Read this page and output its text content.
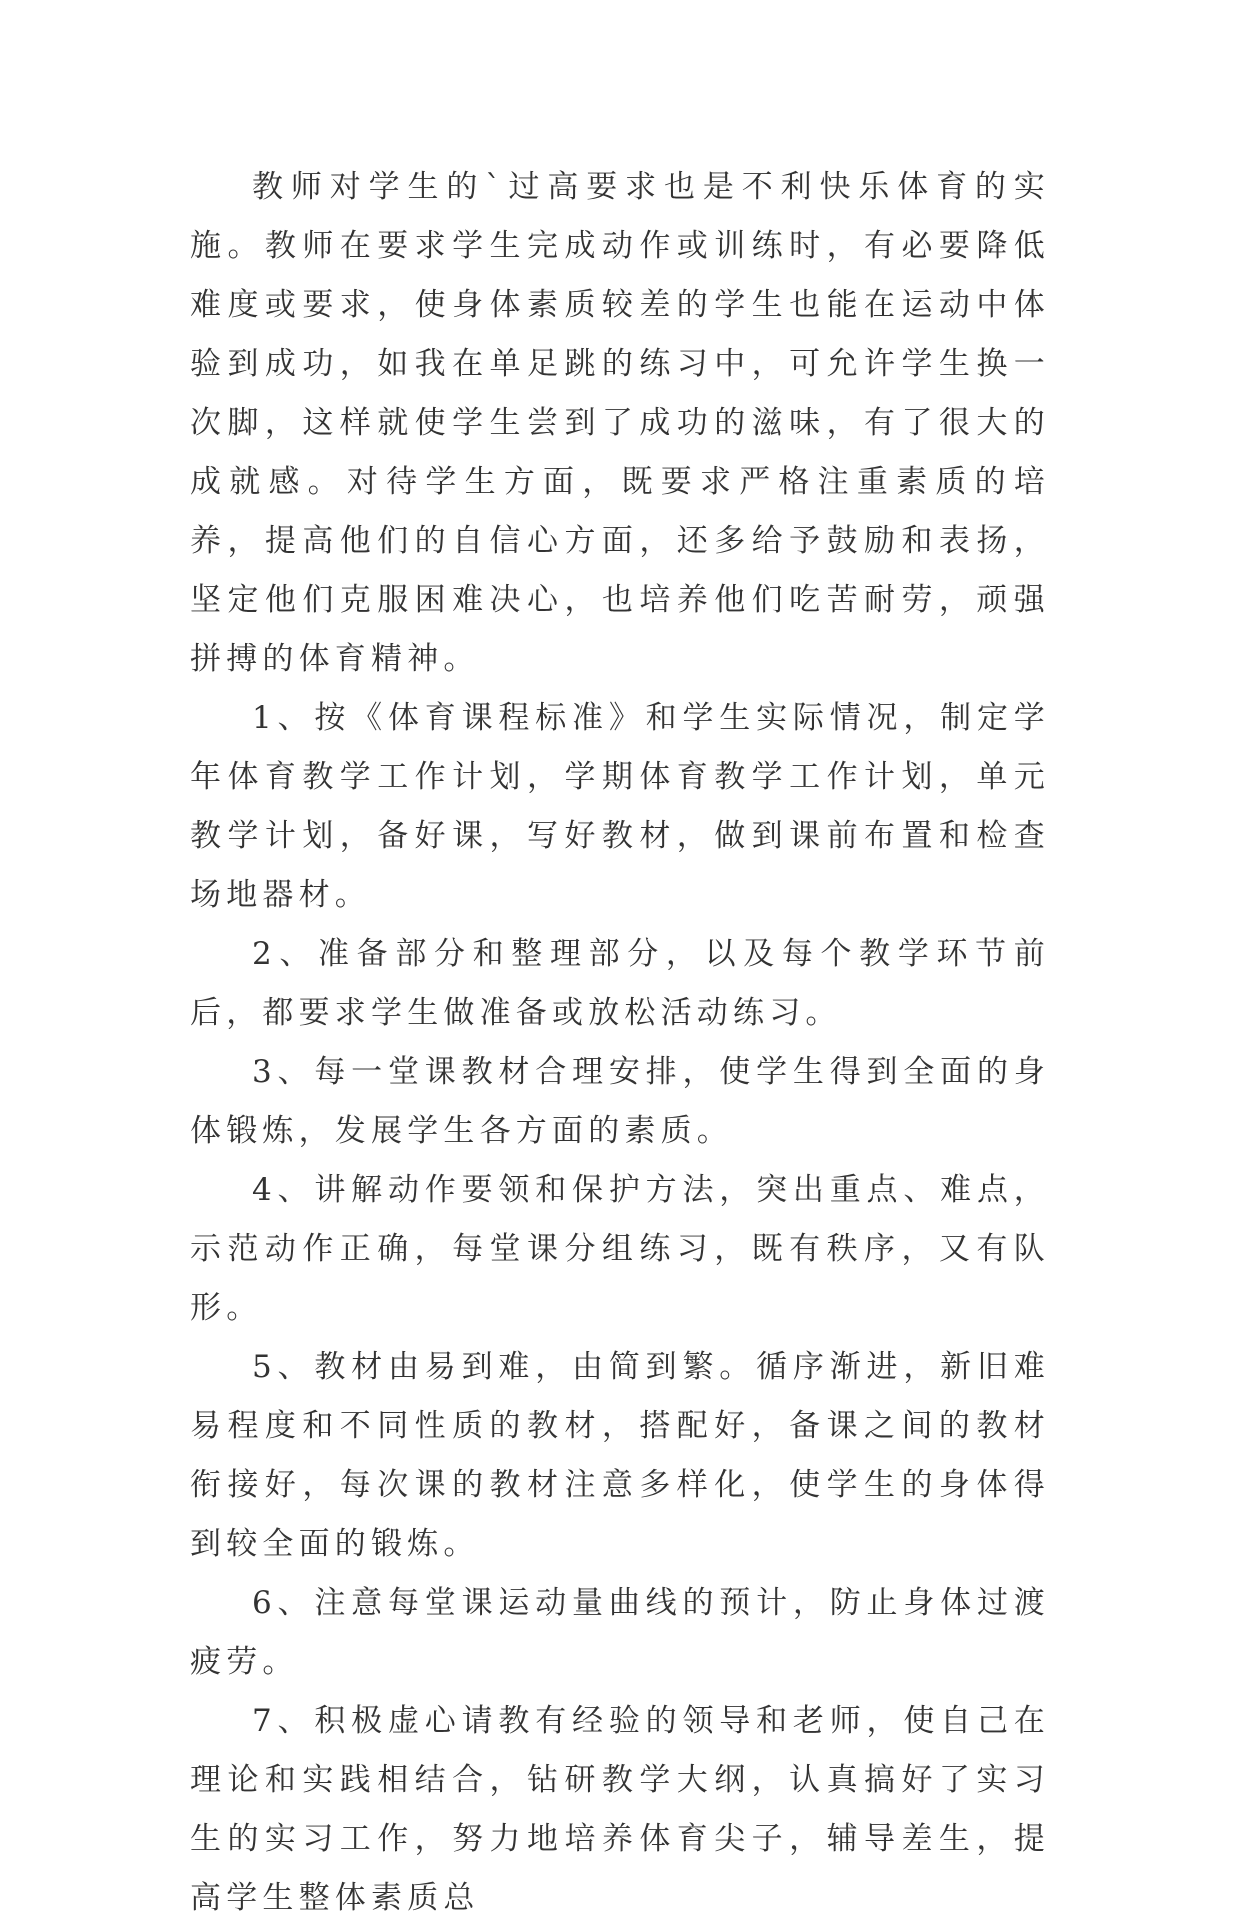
教师对学生的`过高要求也是不利快乐体育的实施。教师在要求学生完成动作或训练时，有必要降低难度或要求，使身体素质较差的学生也能在运动中体验到成功，如我在单足跳的练习中，可允许学生换一次脚，这样就使学生尝到了成功的滋味，有了很大的成就感。对待学生方面，既要求严格注重素质的培养，提高他们的自信心方面，还多给予鼓励和表扬，坚定他们克服困难决心，也培养他们吃苦耐劳，顽强拼搏的体育精神。

1、按《体育课程标准》和学生实际情况，制定学年体育教学工作计划，学期体育教学工作计划，单元教学计划，备好课，写好教材，做到课前布置和检查场地器材。

2、准备部分和整理部分，以及每个教学环节前后，都要求学生做准备或放松活动练习。

3、每一堂课教材合理安排，使学生得到全面的身体锻炼，发展学生各方面的素质。

4、讲解动作要领和保护方法，突出重点、难点，示范动作正确，每堂课分组练习，既有秩序，又有队形。

5、教材由易到难，由简到繁。循序渐进，新旧难易程度和不同性质的教材，搭配好，备课之间的教材衔接好，每次课的教材注意多样化，使学生的身体得到较全面的锻炼。

6、注意每堂课运动量曲线的预计，防止身体过渡疲劳。

7、积极虚心请教有经验的领导和老师，使自己在理论和实践相结合，钻研教学大纲，认真搞好了实习生的实习工作，努力地培养体育尖子，辅导差生，提高学生整体素质总
